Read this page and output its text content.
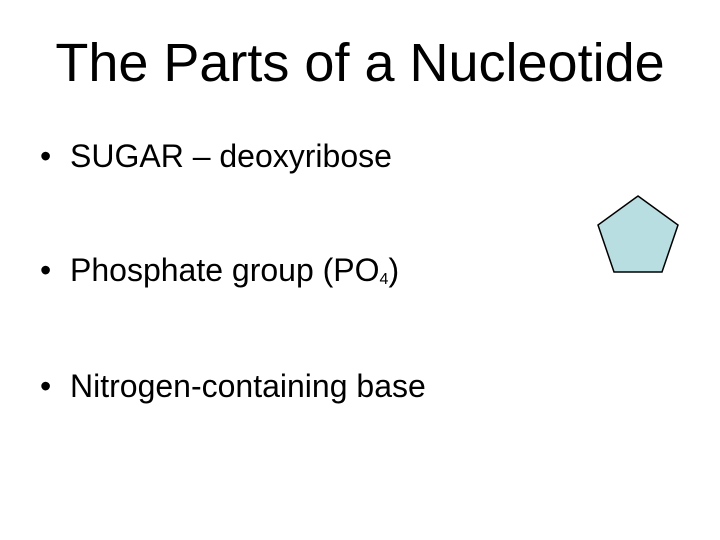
The Parts of a Nucleotide
• SUGAR – deoxyribose
• Phosphate group (PO4)
• Nitrogen-containing base
